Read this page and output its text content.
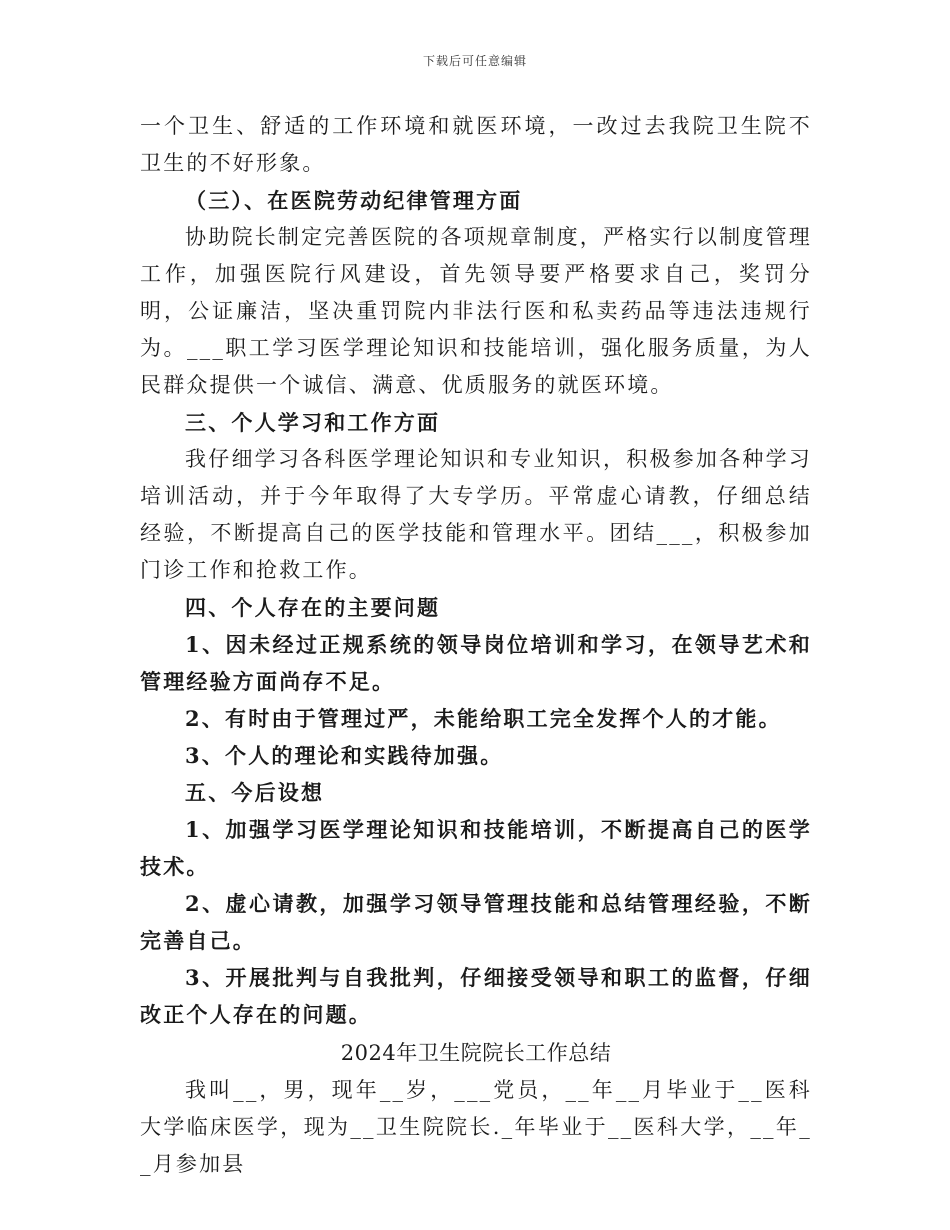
下载后可任意编辑

一个卫生、舒适的工作环境和就医环境，一改过去我院卫生院不卫生的不好形象。

（三）、在医院劳动纪律管理方面

协助院长制定完善医院的各项规章制度，严格实行以制度管理工作，加强医院行风建设，首先领导要严格要求自己，奖罚分明，公证廉洁，坚决重罚院内非法行医和私卖药品等违法违规行为。___职工学习医学理论知识和技能培训，强化服务质量，为人民群众提供一个诚信、满意、优质服务的就医环境。

三、个人学习和工作方面

我仔细学习各科医学理论知识和专业知识，积极参加各种学习培训活动，并于今年取得了大专学历。平常虚心请教，仔细总结经验，不断提高自己的医学技能和管理水平。团结___，积极参加门诊工作和抢救工作。

四、个人存在的主要问题

1、因未经过正规系统的领导岗位培训和学习，在领导艺术和管理经验方面尚存不足。

2、有时由于管理过严，未能给职工完全发挥个人的才能。

3、个人的理论和实践待加强。

五、今后设想

1、加强学习医学理论知识和技能培训，不断提高自己的医学技术。

2、虚心请教，加强学习领导管理技能和总结管理经验，不断完善自己。

3、开展批判与自我批判，仔细接受领导和职工的监督，仔细改正个人存在的问题。

2024年卫生院院长工作总结

我叫__，男，现年__岁，___党员，__年__月毕业于__医科大学临床医学，现为__卫生院院长._年毕业于__医科大学，__年__月参加县
